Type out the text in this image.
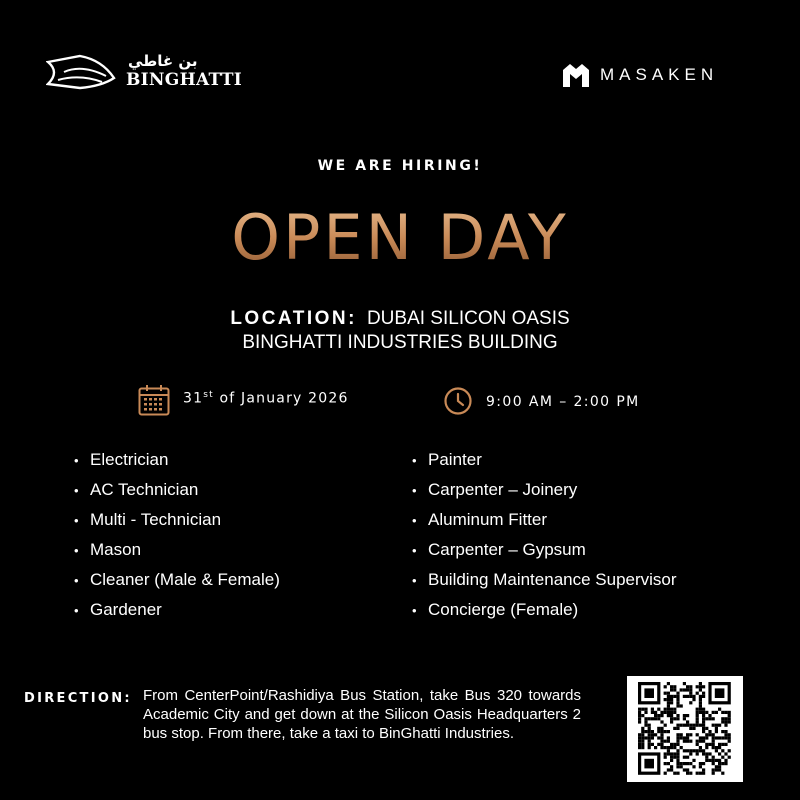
بن غاطي
BINGHATTI	MASAKEN
WE ARE HIRING!
OPEN DAY
LOCATION: DUBAI SILICON OASIS
BINGHATTI INDUSTRIES BUILDING
31st of January 2026	9:00 AM – 2:00 PM
• Electrician
• AC Technician
• Multi - Technician
• Mason
• Cleaner (Male & Female)
• Gardener
• Painter
• Carpenter – Joinery
• Aluminum Fitter
• Carpenter – Gypsum
• Building Maintenance Supervisor
• Concierge (Female)
DIRECTION: From CenterPoint/Rashidiya Bus Station, take Bus 320 towards Academic City and get down at the Silicon Oasis Headquarters 2 bus stop. From there, take a taxi to BinGhatti Industries.
